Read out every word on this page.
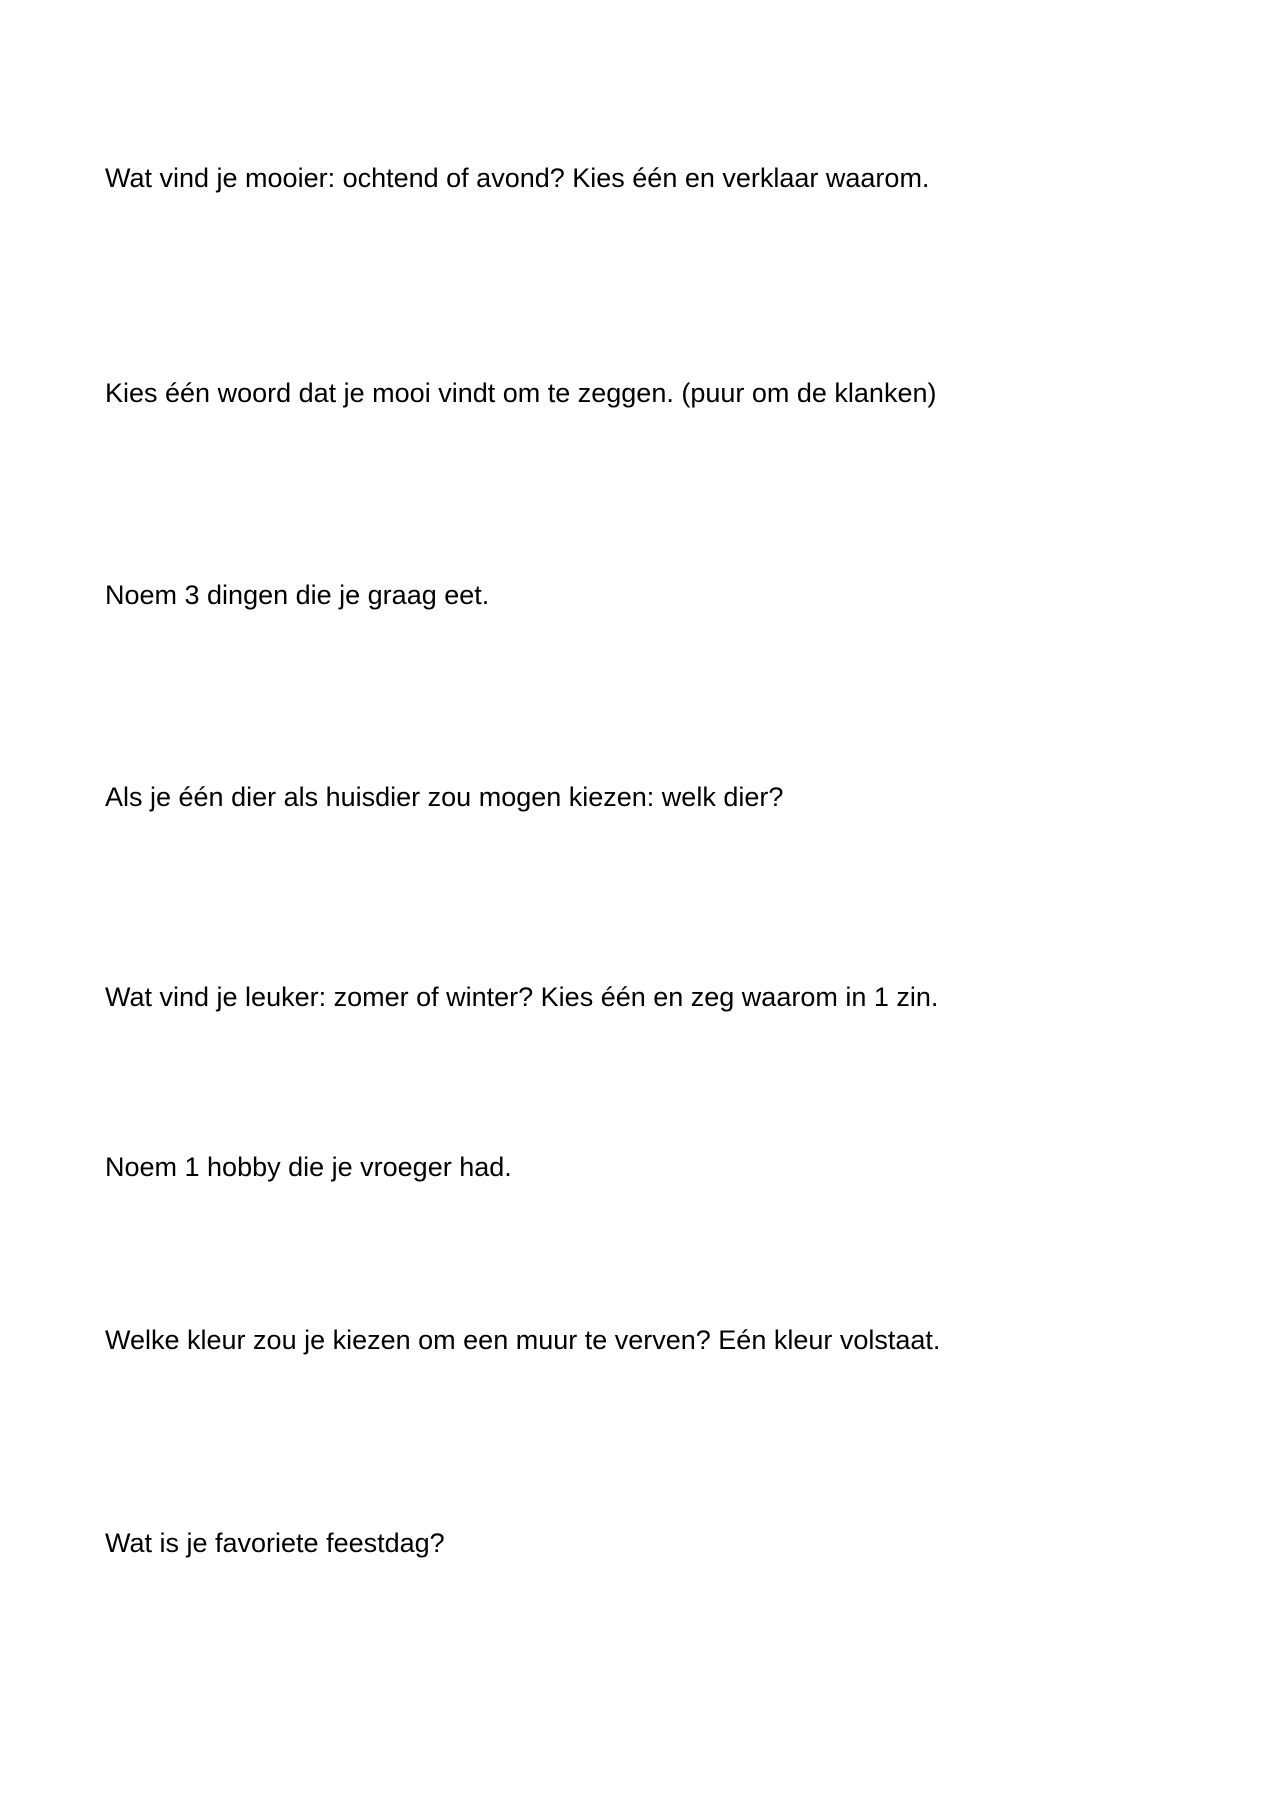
Wat vind je mooier: ochtend of avond? Kies één en verklaar waarom.
Kies één woord dat je mooi vindt om te zeggen. (puur om de klanken)
Noem 3 dingen die je graag eet.
Als je één dier als huisdier zou mogen kiezen: welk dier?
Wat vind je leuker: zomer of winter? Kies één en zeg waarom in 1 zin.
Noem 1 hobby die je vroeger had.
Welke kleur zou je kiezen om een muur te verven? Eén kleur volstaat.
Wat is je favoriete feestdag?
